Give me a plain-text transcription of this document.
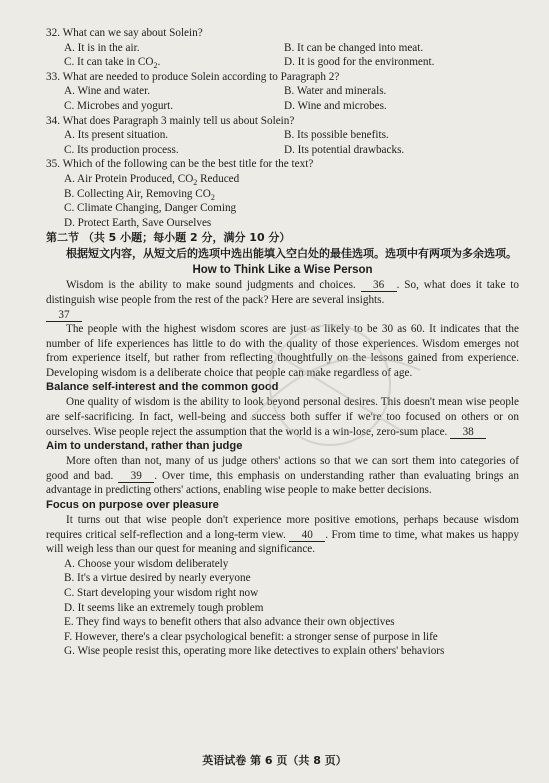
32. What can we say about Solein?
A. It is in the air.	B. It can be changed into meat.
C. It can take in $CO_2$.	D. It is good for the environment.
33. What are needed to produce Solein according to Paragraph 2?
A. Wine and water.	B. Water and minerals.
C. Microbes and yogurt.	D. Wine and microbes.
34. What does Paragraph 3 mainly tell us about Solein?
A. Its present situation.	B. Its possible benefits.
C. Its production process.	D. Its potential drawbacks.
35. Which of the following can be the best title for the text?
A. Air Protein Produced, $CO_2$ Reduced
B. Collecting Air, Removing $CO_2$
C. Climate Changing, Danger Coming
D. Protect Earth, Save Ourselves
第二节 （共 5 小题；每小题 2 分，满分 10 分）
根据短文内容，从短文后的选项中选出能填入空白处的最佳选项。选项中有两项为多余选项。
How to Think Like a Wise Person
Wisdom is the ability to make sound judgments and choices. 36 . So, what does it take to distinguish wise people from the rest of the pack? Here are several insights.
37
The people with the highest wisdom scores are just as likely to be 30 as 60. It indicates that the number of life experiences has little to do with the quality of those experiences. Wisdom emerges not from experience itself, but rather from reflecting thoughtfully on the lessons gained from experience. Developing wisdom is a deliberate choice that people can make regardless of age.
Balance self-interest and the common good
One quality of wisdom is the ability to look beyond personal desires. This doesn't mean wise people are self-sacrificing. In fact, well-being and success both suffer if we're too focused on others or on ourselves. Wise people reject the assumption that the world is a win-lose, zero-sum place. 38
Aim to understand, rather than judge
More often than not, many of us judge others' actions so that we can sort them into categories of good and bad. 39 . Over time, this emphasis on understanding rather than evaluating brings an advantage in predicting others' actions, enabling wise people to make better decisions.
Focus on purpose over pleasure
It turns out that wise people don't experience more positive emotions, perhaps because wisdom requires critical self-reflection and a long-term view. 40 . From time to time, what makes us happy will weigh less than our quest for meaning and significance.
A. Choose your wisdom deliberately
B. It's a virtue desired by nearly everyone
C. Start developing your wisdom right now
D. It seems like an extremely tough problem
E. They find ways to benefit others that also advance their own objectives
F. However, there's a clear psychological benefit: a stronger sense of purpose in life
G. Wise people resist this, operating more like detectives to explain others' behaviors
英语试卷 第 6 页（共 8 页）
